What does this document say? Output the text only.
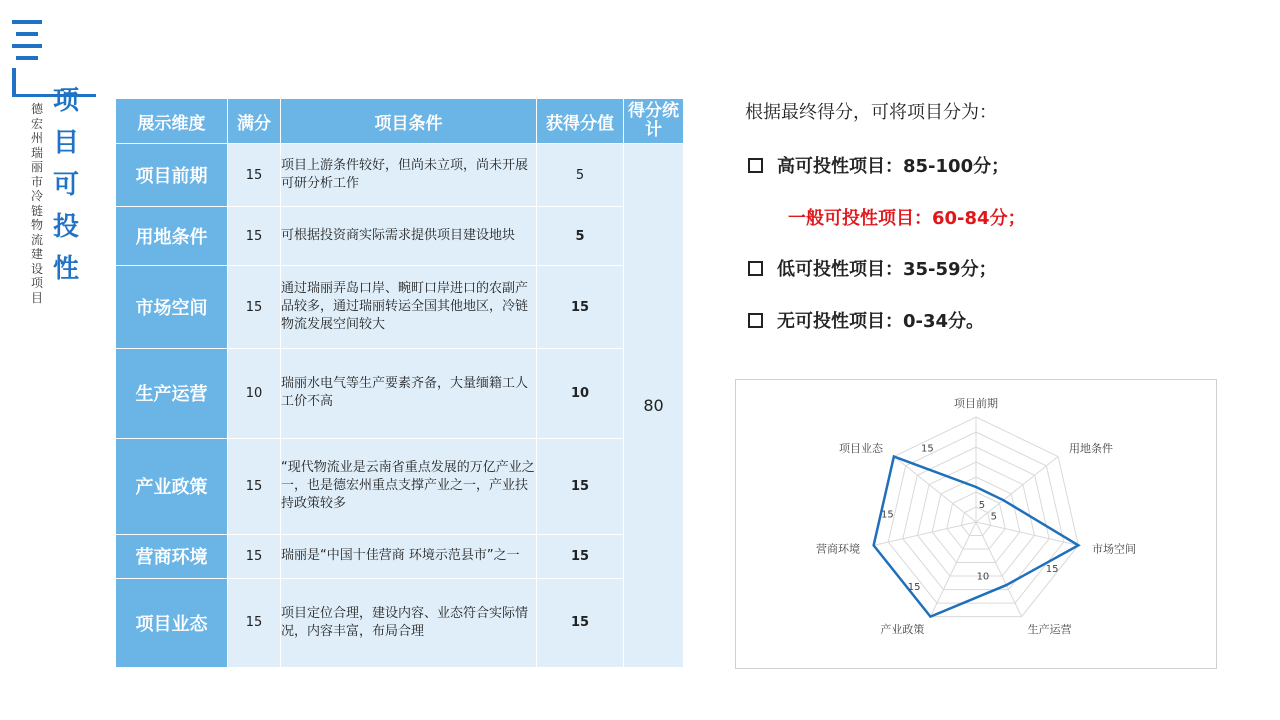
项目可投性
德宏州瑞丽市冷链物流建设项目
展示维度	满分	项目条件	获得分值	得分统计
项目前期	15	项目上游条件较好，但尚未立项，尚未开展可研分析工作	5	80
用地条件	15	可根据投资商实际需求提供项目建设地块	5	
市场空间	15	通过瑞丽弄岛口岸、畹町口岸进口的农副产品较多，通过瑞丽转运全国其他地区，冷链物流发展空间较大	15	
生产运营	10	瑞丽水电气等生产要素齐备，大量缅籍工人工价不高	10	
产业政策	15	“现代物流业是云南省重点发展的万亿产业之一，也是德宏州重点支撑产业之一，产业扶持政策较多	15	
营商环境	15	瑞丽是“中国十佳营商 环境示范县市”之一	15	
项目业态	15	项目定位合理，建设内容、业态符合实际情况，内容丰富，布局合理	15	
根据最终得分，可将项目分为：
高可投性项目：85-100分；
一般可投性项目：60-84分；
低可投性项目：35-59分；
无可投性项目：0-34分。
项目前期
用地条件
市场空间
生产运营
产业政策
营商环境
项目业态
5
5
15
10
15
15
15
